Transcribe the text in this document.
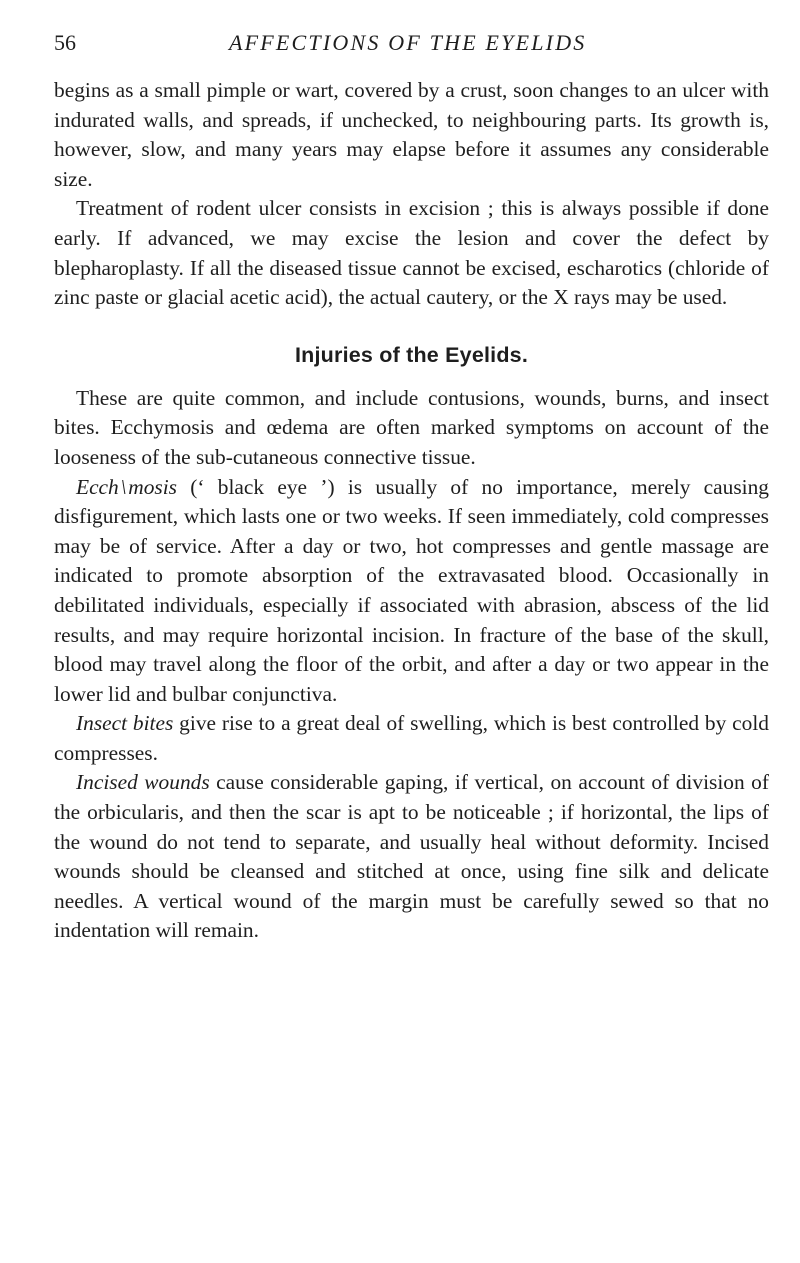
56	AFFECTIONS OF THE EYELIDS

begins as a small pimple or wart, covered by a crust, soon changes to an ulcer with indurated walls, and spreads, if unchecked, to neighbouring parts. Its growth is, however, slow, and many years may elapse before it assumes any considerable size.

Treatment of rodent ulcer consists in excision ; this is always possible if done early. If advanced, we may excise the lesion and cover the defect by blepharoplasty. If all the diseased tissue cannot be excised, escharotics (chloride of zinc paste or glacial acetic acid), the actual cautery, or the X rays may be used.

Injuries of the Eyelids.

These are quite common, and include contusions, wounds, burns, and insect bites. Ecchymosis and œdema are often marked symptoms on account of the looseness of the sub-cutaneous connective tissue.

Ecch \ mosis (‘ black eye ’) is usually of no importance, merely causing disfigurement, which lasts one or two weeks. If seen immediately, cold compresses may be of service. After a day or two, hot compresses and gentle massage are indicated to promote absorption of the extravasated blood. Occasionally in debilitated individuals, especially if associated with abrasion, abscess of the lid results, and may require horizontal incision. In fracture of the base of the skull, blood may travel along the floor of the orbit, and after a day or two appear in the lower lid and bulbar conjunctiva.

Insect bites give rise to a great deal of swelling, which is best controlled by cold compresses.

Incised wounds cause considerable gaping, if vertical, on account of division of the orbicularis, and then the scar is apt to be noticeable ; if horizontal, the lips of the wound do not tend to separate, and usually heal without deformity. Incised wounds should be cleansed and stitched at once, using fine silk and delicate needles. A vertical wound of the margin must be carefully sewed so that no indentation will remain.
